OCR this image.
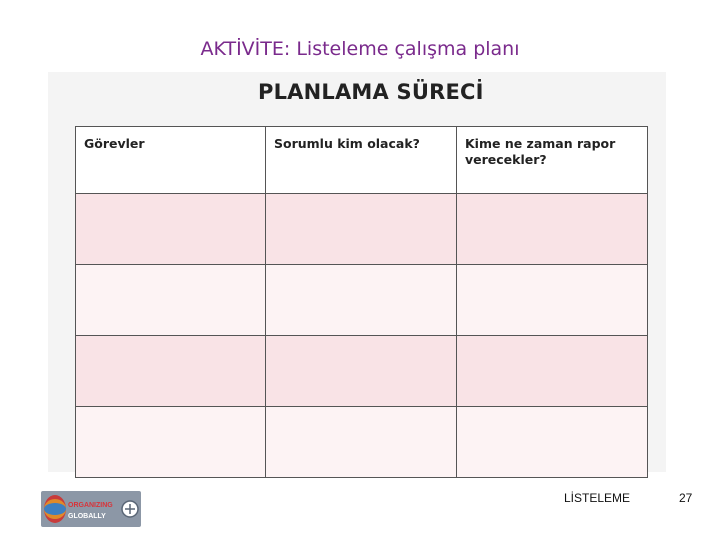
AKTİVİTE: Listeleme çalışma planı
PLANLAMA SÜRECİ
Görevler	Sorumlu kim olacak?	Kime ne zaman rapor verecekler?

ORGANIZING
GLOBALLY
LİSTELEME	27
